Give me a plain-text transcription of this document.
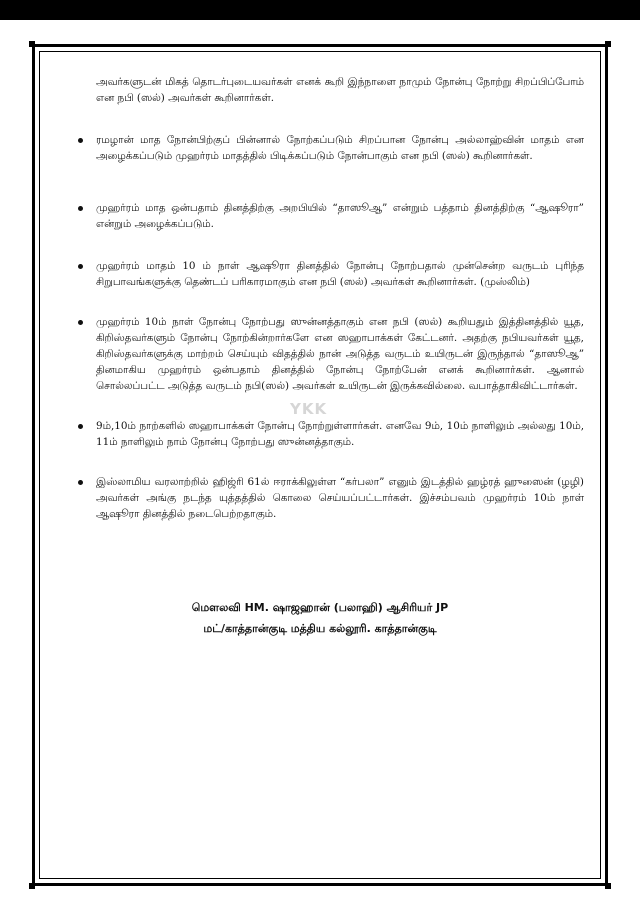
அவர்களுடன் மிகத் தொடர்புடையவர்கள் எனக் கூறி இந்நாளை நாமும் நோன்பு நோற்று சிறப்பிப்போம் என நபி (ஸல்) அவர்கள் கூறினார்கள்.

ரமழான் மாத நோன்பிற்குப் பின்னால் நோற்கப்படும் சிறப்பான நோன்பு அல்லாஹ்வின் மாதம் என அழைக்கப்படும் முஹர்ரம் மாதத்தில் பிடிக்கப்படும் நோன்பாகும் என நபி (ஸல்) கூறினார்கள்.

முஹர்ரம் மாத ஒன்பதாம் தினத்திற்கு அறபியில் “தாஸூஆ” என்றும் பத்தாம் தினத்திற்கு “ஆஷூரா” என்றும் அழைக்கப்படும்.

முஹர்ரம் மாதம் 10 ம் நாள் ஆஷூரா தினத்தில் நோன்பு நோற்பதால் முன்சென்ற வருடம் புரிந்த சிறுபாவங்களுக்கு தெண்டப் பரிகாரமாகும் என நபி (ஸல்) அவர்கள் கூறினார்கள். (முஸ்லிம்)

முஹர்ரம் 10ம் நாள் நோன்பு நோற்பது ஸுன்னத்தாகும் என நபி (ஸல்) கூறியதும் இத்தினத்தில் யூத, கிறிஸ்தவர்களும் நோன்பு நோற்கின்றார்களே என ஸஹாபாக்கள் கேட்டனர். அதற்கு நபியவர்கள் யூத, கிறிஸ்தவர்களுக்கு மாற்றம் செய்யும் விதத்தில் நான் அடுத்த வருடம் உயிருடன் இருந்தால் “தாஸூஆ” தினமாகிய முஹர்ரம் ஒன்பதாம் தினத்தில் நோன்பு நோற்பேன் எனக் கூறினார்கள். ஆனால் சொல்லப்பட்ட அடுத்த வருடம் நபி(ஸல்) அவர்கள் உயிருடன் இருக்கவில்லை. வபாத்தாகிவிட்டார்கள்.

9ம்,10ம் நாற்களில் ஸஹாபாக்கள் நோன்பு நோற்றுள்ளார்கள். எனவே 9ம், 10ம் நாளிலும் அல்லது 10ம், 11ம் நாளிலும் நாம் நோன்பு நோற்பது ஸுன்னத்தாகும்.

இஸ்லாமிய வரலாற்றில் ஹிஜ்ரி 61ல் ஈராக்கிலுள்ள “கர்பலா” எனும் இடத்தில் ஹழ்ரத் ஹுஸைன் (ழழி) அவர்கள் அங்கு நடந்த யுத்தத்தில் கொலை செய்யப்பட்டார்கள். இச்சம்பவம் முஹர்ரம் 10ம் நாள் ஆஷூரா தினத்தில் நடைபெற்றதாகும்.

மௌலவி HM. ஷாஜஹான் (பலாஹி) ஆசிரியர் JP
மட்/காத்தான்குடி மத்திய கல்லூரி. காத்தான்குடி
YKK
